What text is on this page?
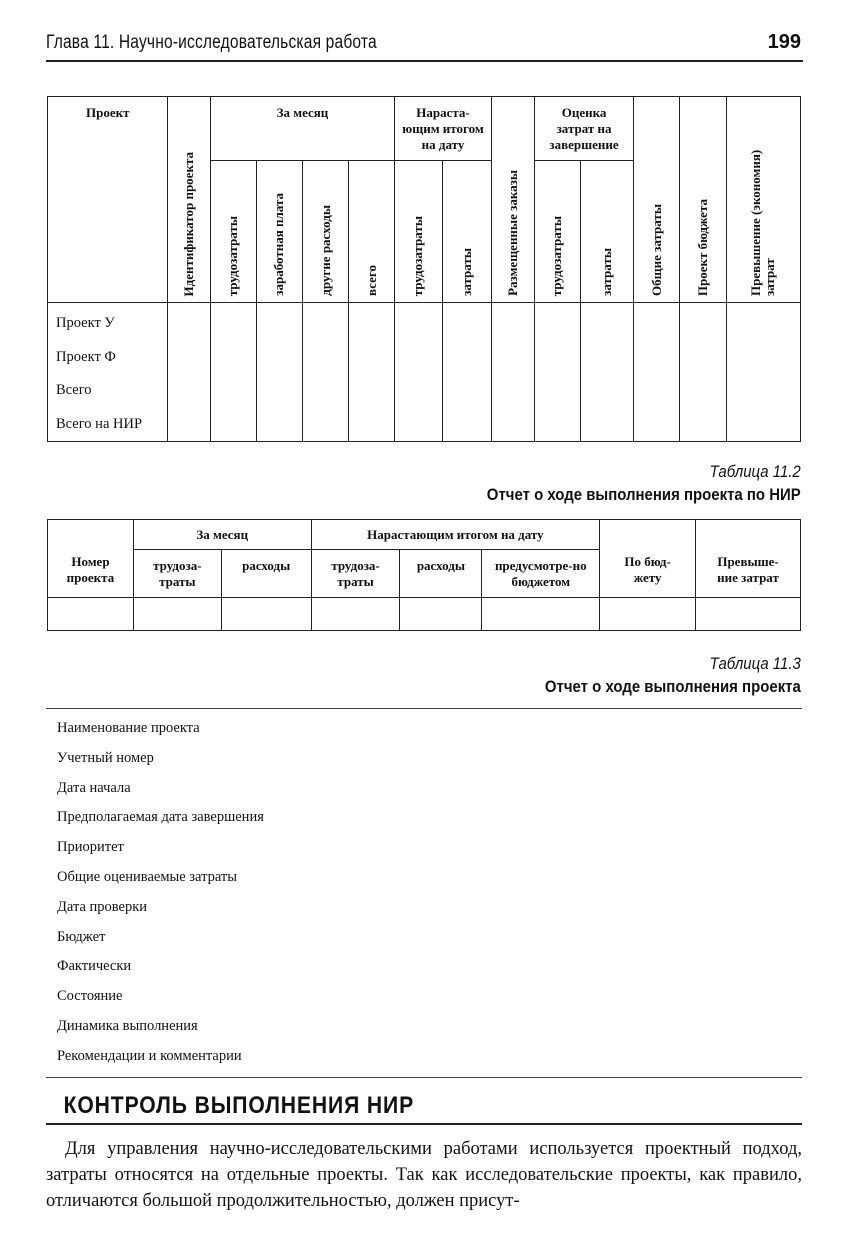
Глава 11. Научно-исследовательская работа	199
Проект	Идентификатор проекта	За месяц				Нараста-ющим итогом на дату		Размещенные заказы	Оценка затрат на завершение		Общие затраты	Проект бюджета	Превышение (экономия) затрат

		трудозатраты	заработная плата	другие расходы	всего	трудозатраты	затраты		трудозатраты	затраты			

Проект У
Проект Ф
Всего
Всего на НИР													

Таблица 11.2
Отчет о ходе выполнения проекта по НИР
Номер проекта	За месяц		Нарастающим итогом на дату			По бюд-жету	Превыше-ние затрат
	трудоза-траты	расходы	трудоза-траты	расходы	предусмотре-но бюджетом		

Таблица 11.3
Отчет о ходе выполнения проекта
Наименование проекта
Учетный номер
Дата начала
Предполагаемая дата завершения
Приоритет
Общие оцениваемые затраты
Дата проверки
Бюджет
Фактически
Состояние
Динамика выполнения
Рекомендации и комментарии
КОНТРОЛЬ ВЫПОЛНЕНИЯ НИР
Для управления научно-исследовательскими работами используется проектный подход, затраты относятся на отдельные проекты. Так как исследовательские проекты, как правило, отличаются большой продолжительностью, должен присут-
